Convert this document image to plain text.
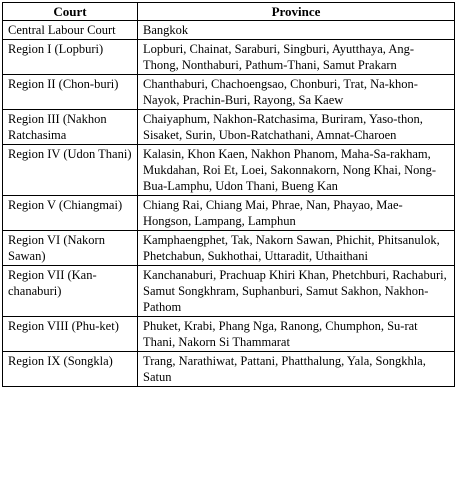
Court	Province
Central Labour Court	Bangkok
Region I (Lopburi)	Lopburi, Chainat, Saraburi, Singburi, Ayutthaya, Ang-Thong, Nonthaburi, Pathum-Thani, Samut Prakarn
Region II (Chon-buri)	Chanthaburi, Chachoengsao, Chonburi, Trat, Na-khon-Nayok, Prachin-Buri, Rayong, Sa Kaew
Region III (Nakhon Ratchasima	Chaiyaphum, Nakhon-Ratchasima, Buriram, Yaso-thon, Sisaket, Surin, Ubon-Ratchathani, Amnat-Charoen
Region IV (Udon Thani)	Kalasin, Khon Kaen, Nakhon Phanom, Maha-Sa-rakham, Mukdahan, Roi Et, Loei, Sakonnakorn, Nong Khai, Nong-Bua-Lamphu, Udon Thani, Bueng Kan
Region V (Chiangmai)	Chiang Rai, Chiang Mai, Phrae, Nan, Phayao, Mae-Hongson, Lampang, Lamphun
Region VI (Nakorn Sawan)	Kamphaengphet, Tak, Nakorn Sawan, Phichit, Phitsanulok, Phetchabun, Sukhothai, Uttaradit, Uthaithani
Region VII (Kan-chanaburi)	Kanchanaburi, Prachuap Khiri Khan, Phetchburi, Rachaburi, Samut Songkhram, Suphanburi, Samut Sakhon, Nakhon-Pathom
Region VIII (Phu-ket)	Phuket, Krabi, Phang Nga, Ranong, Chumphon, Su-rat Thani, Nakorn Si Thammarat
Region IX (Songkla)	Trang, Narathiwat, Pattani, Phatthalung, Yala, Songkhla, Satun
